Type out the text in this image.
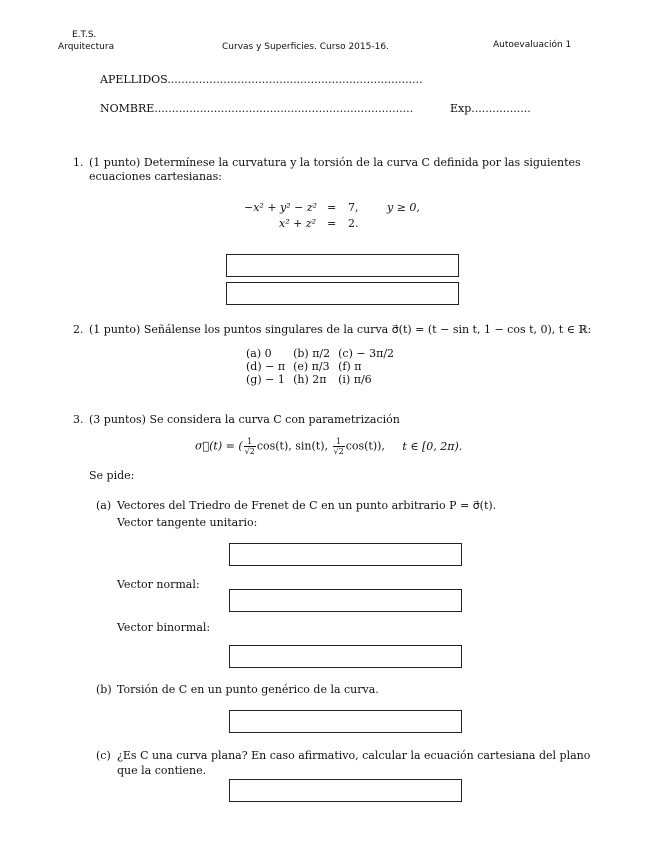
E.T.S.
Arquitectura	Curvas y Superficies. Curso 2015-16.	Autoevaluación 1
APELLIDOS.........................................................................
NOMBRE..........................................................................	Exp.................
1. (1 punto) Determínese la curvatura y la torsión de la curva C definida por las siguientes
ecuaciones cartesianas:
−x² + y² − z² = 7,	y ≥ 0,
x² + z² = 2.
2. (1 punto) Señálense los puntos singulares de la curva σ⃗(t) = (t − sin t, 1 − cos t, 0), t ∈ ℝ:
(a) 0	(b) π/2	(c) − 3π/2
(d) − π	(e) π/3	(f) π
(g) − 1	(h) 2π	(i) π/6
3. (3 puntos) Se considera la curva C con parametrización
σ⃗(t) = ( $\frac{1}{√2} \cos(t)$, sin(t), $\frac{1}{√2} \cos(t)$), t ∈ [0, 2π).
Se pide:
(a) Vectores del Triedro de Frenet de C en un punto arbitrario P = σ⃗(t).
Vector tangente unitario:
Vector normal:
Vector binormal:
(b) Torsión de C en un punto genérico de la curva.
(c) ¿Es C una curva plana? En caso afirmativo, calcular la ecuación cartesiana del plano
que la contiene.
